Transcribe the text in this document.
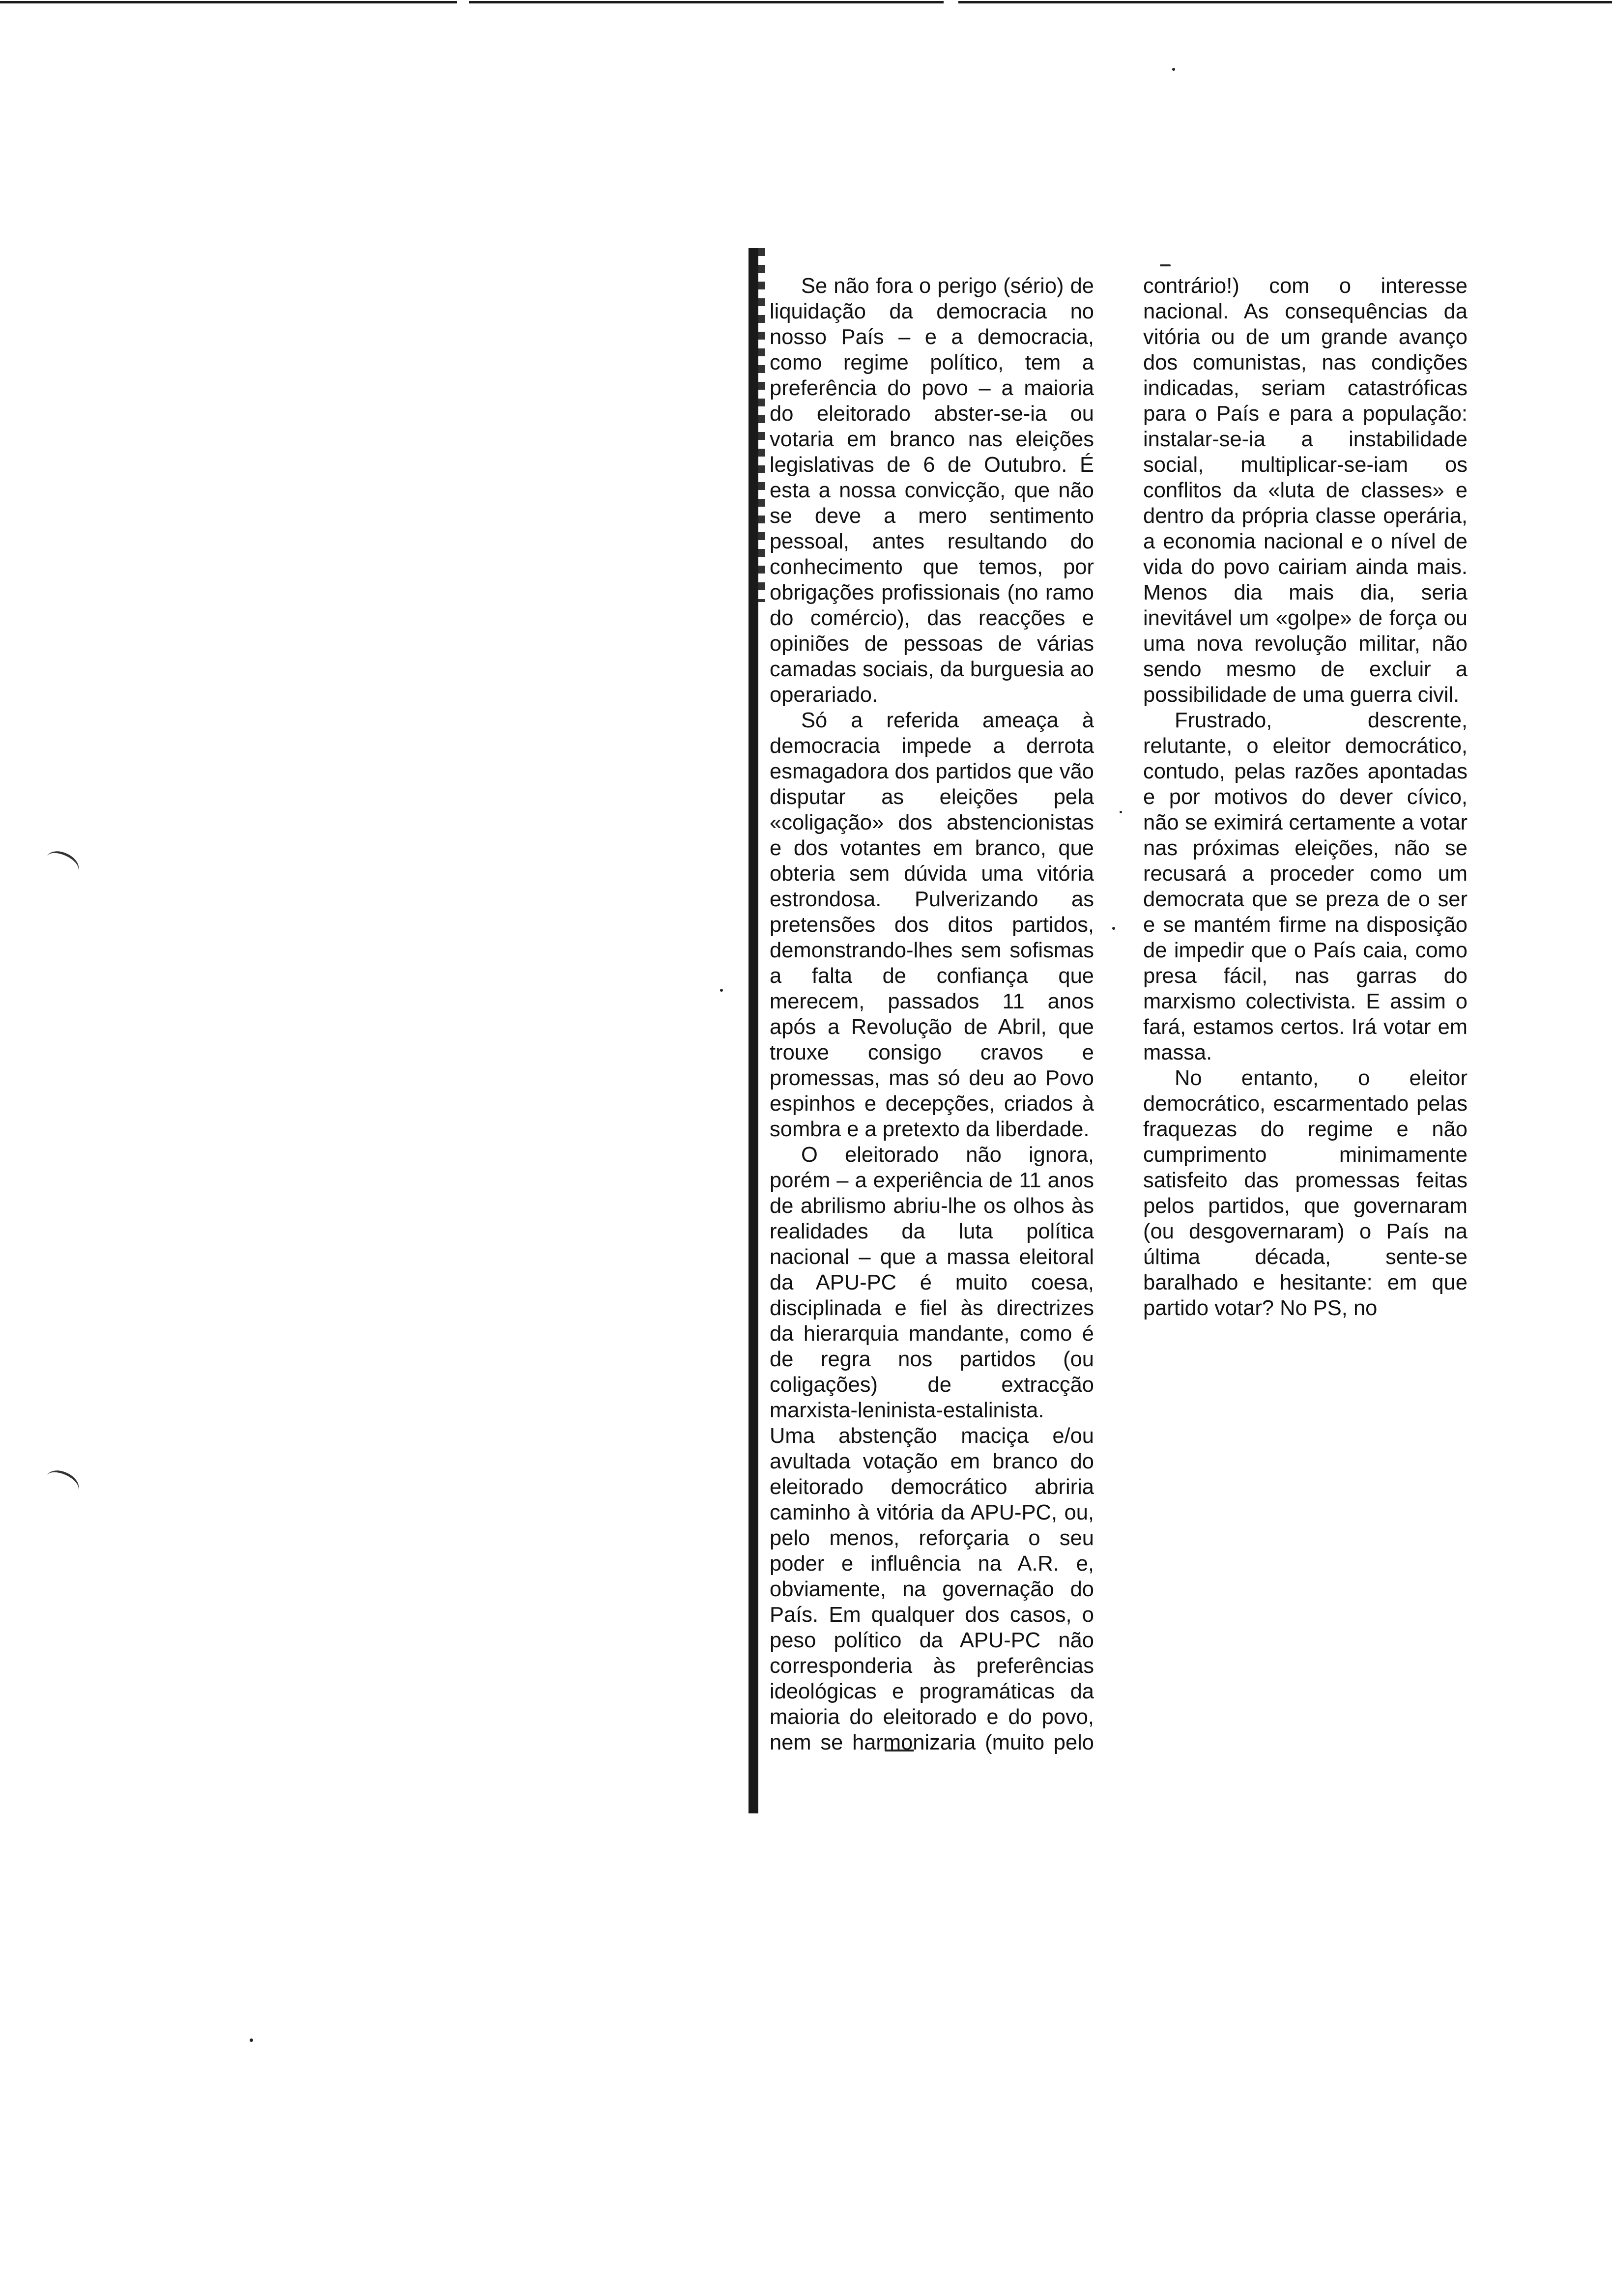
Se não fora o perigo (sério) de liquidação da democracia no nosso País – e a democracia, como regime político, tem a preferência do povo – a maioria do eleitorado abster-se-ia ou votaria em branco nas eleições legislativas de 6 de Outubro. É esta a nossa convicção, que não se deve a mero sentimento pessoal, antes resultando do conhecimento que temos, por obrigações profissionais (no ramo do comércio), das reacções e opiniões de pessoas de várias camadas sociais, da burguesia ao operariado.

Só a referida ameaça à democracia impede a derrota esmagadora dos partidos que vão disputar as eleições pela «coligação» dos abstencionistas e dos votantes em branco, que obteria sem dúvida uma vitória estrondosa. Pulverizando as pretensões dos ditos partidos, demonstrando-lhes sem sofismas a falta de confiança que merecem, passados 11 anos após a Revolução de Abril, que trouxe consigo cravos e promessas, mas só deu ao Povo espinhos e decepções, criados à sombra e a pretexto da liberdade.

O eleitorado não ignora, porém – a experiência de 11 anos de abrilismo abriu-lhe os olhos às realidades da luta política nacional – que a massa eleitoral da APU-PC é muito coesa, disciplinada e fiel às directrizes da hierarquia mandante, como é de regra nos partidos (ou coligações) de extracção marxista-leninista-estalinista.

Uma abstenção maciça e/ou avultada votação em branco do eleitorado democrático abriria caminho à vitória da APU-PC, ou, pelo menos, reforçaria o seu poder e influência na A.R. e, obviamente, na governação do País. Em qualquer dos casos, o peso político da APU-PC não corresponderia às preferências ideológicas e programáticas da maioria do eleitorado e do povo, nem se harmonizaria (muito pelo contrário!) com o interesse nacional. As consequências da vitória ou de um grande avanço dos comunistas, nas condições indicadas, seriam catastróficas para o País e para a população: instalar-se-ia a instabilidade social, multiplicar-se-iam os conflitos da «luta de classes» e dentro da própria classe operária, a economia nacional e o nível de vida do povo cairiam ainda mais. Menos dia mais dia, seria inevitável um «golpe» de força ou uma nova revolução militar, não sendo mesmo de excluir a possibilidade de uma guerra civil.

Frustrado, descrente, relutante, o eleitor democrático, contudo, pelas razões apontadas e por motivos do dever cívico, não se eximirá certamente a votar nas próximas eleições, não se recusará a proceder como um democrata que se preza de o ser e se mantém firme na disposição de impedir que o País caia, como presa fácil, nas garras do marxismo colectivista. E assim o fará, estamos certos. Irá votar em massa.

No entanto, o eleitor democrático, escarmentado pelas fraquezas do regime e não cumprimento minimamente satisfeito das promessas feitas pelos partidos, que governaram (ou desgovernaram) o País na última década, sente-se baralhado e hesitante: em que partido votar? No PS, no
